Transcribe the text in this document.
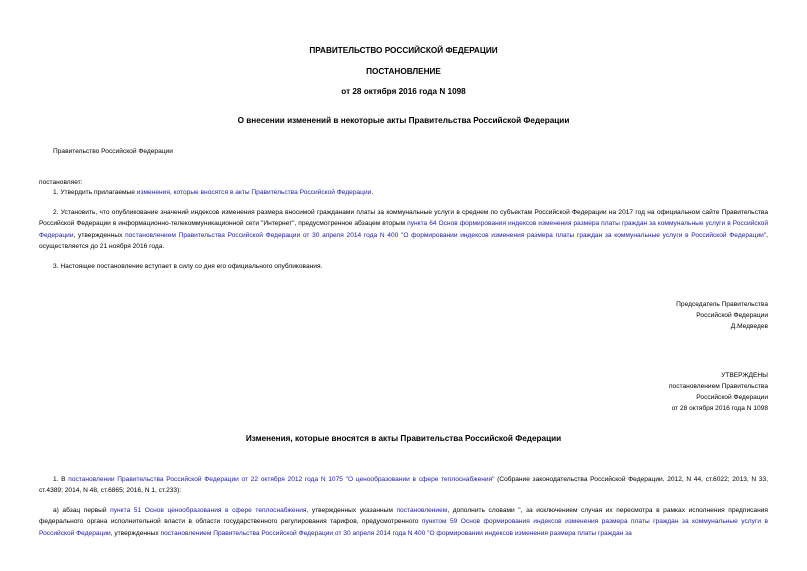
ПРАВИТЕЛЬСТВО РОССИЙСКОЙ ФЕДЕРАЦИИ
ПОСТАНОВЛЕНИЕ
от 28 октября 2016 года N 1098
О внесении изменений в некоторые акты Правительства Российской Федерации
Правительство Российской Федерации
постановляет:
1. Утвердить прилагаемые изменения, которые вносятся в акты Правительства Российской Федерации.
2. Установить, что опубликование значений индексов изменения размера вносимой гражданами платы за коммунальные услуги в среднем по субъектам Российской Федерации на 2017 год на официальном сайте Правительства Российской Федерации в информационно-телекоммуникационной сети "Интернет", предусмотренное абзацем вторым пункта 64 Основ формирования индексов изменения размера платы граждан за коммунальные услуги в Российской Федерации, утвержденных постановлением Правительства Российской Федерации от 30 апреля 2014 года N 400 "О формировании индексов изменения размера платы граждан за коммунальные услуги в Российской Федерации", осуществляется до 21 ноября 2016 года.
3. Настоящее постановление вступает в силу со дня его официального опубликования.
Председатель Правительства
Российской Федерации
Д.Медведев
УТВЕРЖДЕНЫ
постановлением Правительства
Российской Федерации
от 28 октября 2016 года N 1098
Изменения, которые вносятся в акты Правительства Российской Федерации
1. В постановлении Правительства Российской Федерации от 22 октября 2012 года N 1075 "О ценообразовании в сфере теплоснабжения" (Собрание законодательства Российской Федерации, 2012, N 44, ст.6022; 2013, N 33, ст.4389; 2014, N 48, ст.6865; 2016, N 1, ст.233):
а) абзац первый пункта 51 Основ ценообразования в сфере теплоснабжения, утвержденных указанным постановлением, дополнить словами ", за исключением случая их пересмотра в рамках исполнения предписания федерального органа исполнительной власти в области государственного регулирования тарифов, предусмотренного пунктом 59 Основ формирования индексов изменения размера платы граждан за коммунальные услуги в Российской Федерации, утвержденных постановлением Правительства Российской Федерации от 30 апреля 2014 года N 400 "О формировании индексов изменения размера платы граждан за
